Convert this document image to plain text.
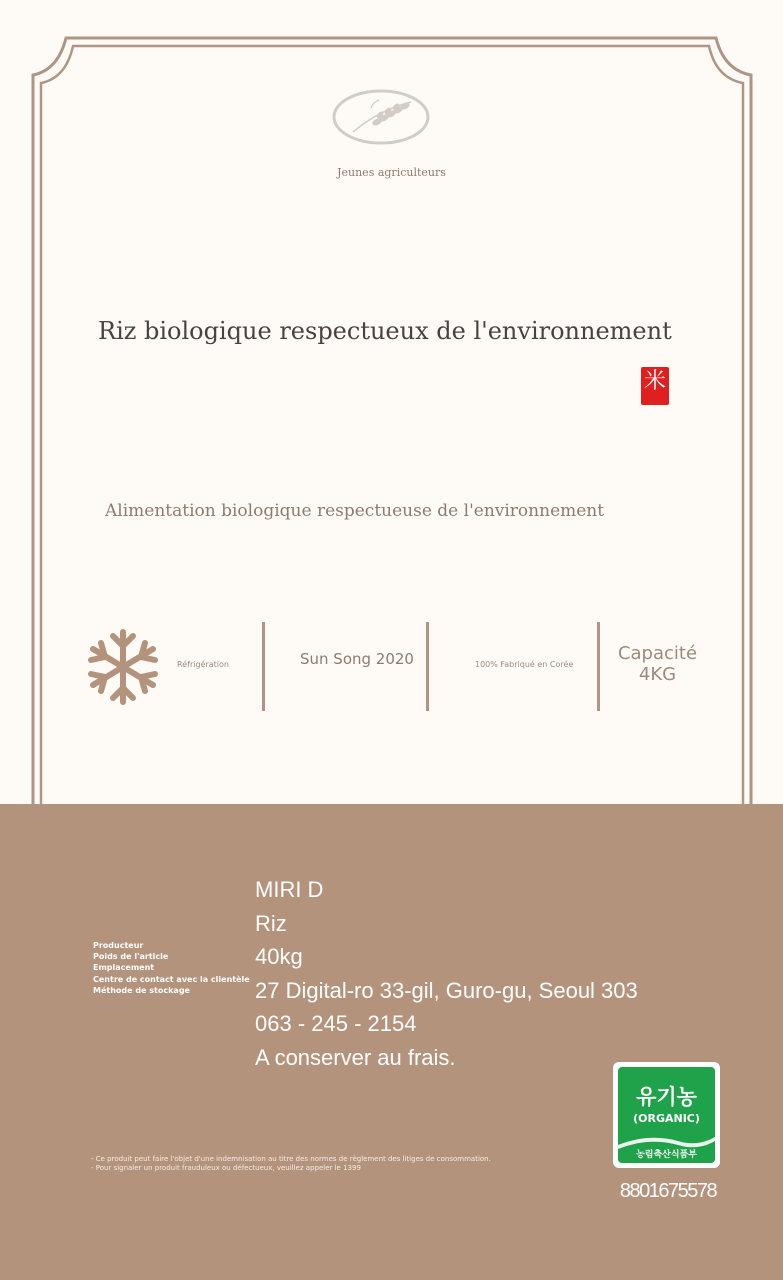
Jeunes agriculteurs
Riz biologique respectueux de l'environnement
米
Alimentation biologique respectueuse de l'environnement
Réfrigération	Sun Song 2020	100% Fabriqué en Corée
Capacité
4KG
Producteur
Poids de l'article
Emplacement
Centre de contact avec la clientèle
Méthode de stockage
MIRI D
Riz
40kg
27 Digital-ro 33-gil, Guro-gu, Seoul 303
063 - 245 - 2154
A conserver au frais.
- Ce produit peut faire l'objet d'une indemnisation au titre des normes de règlement des litiges de consommation.
- Pour signaler un produit frauduleux ou défectueux, veuillez appeler le 1399
유기농
(ORGANIC)
농림축산식품부
8801675578
